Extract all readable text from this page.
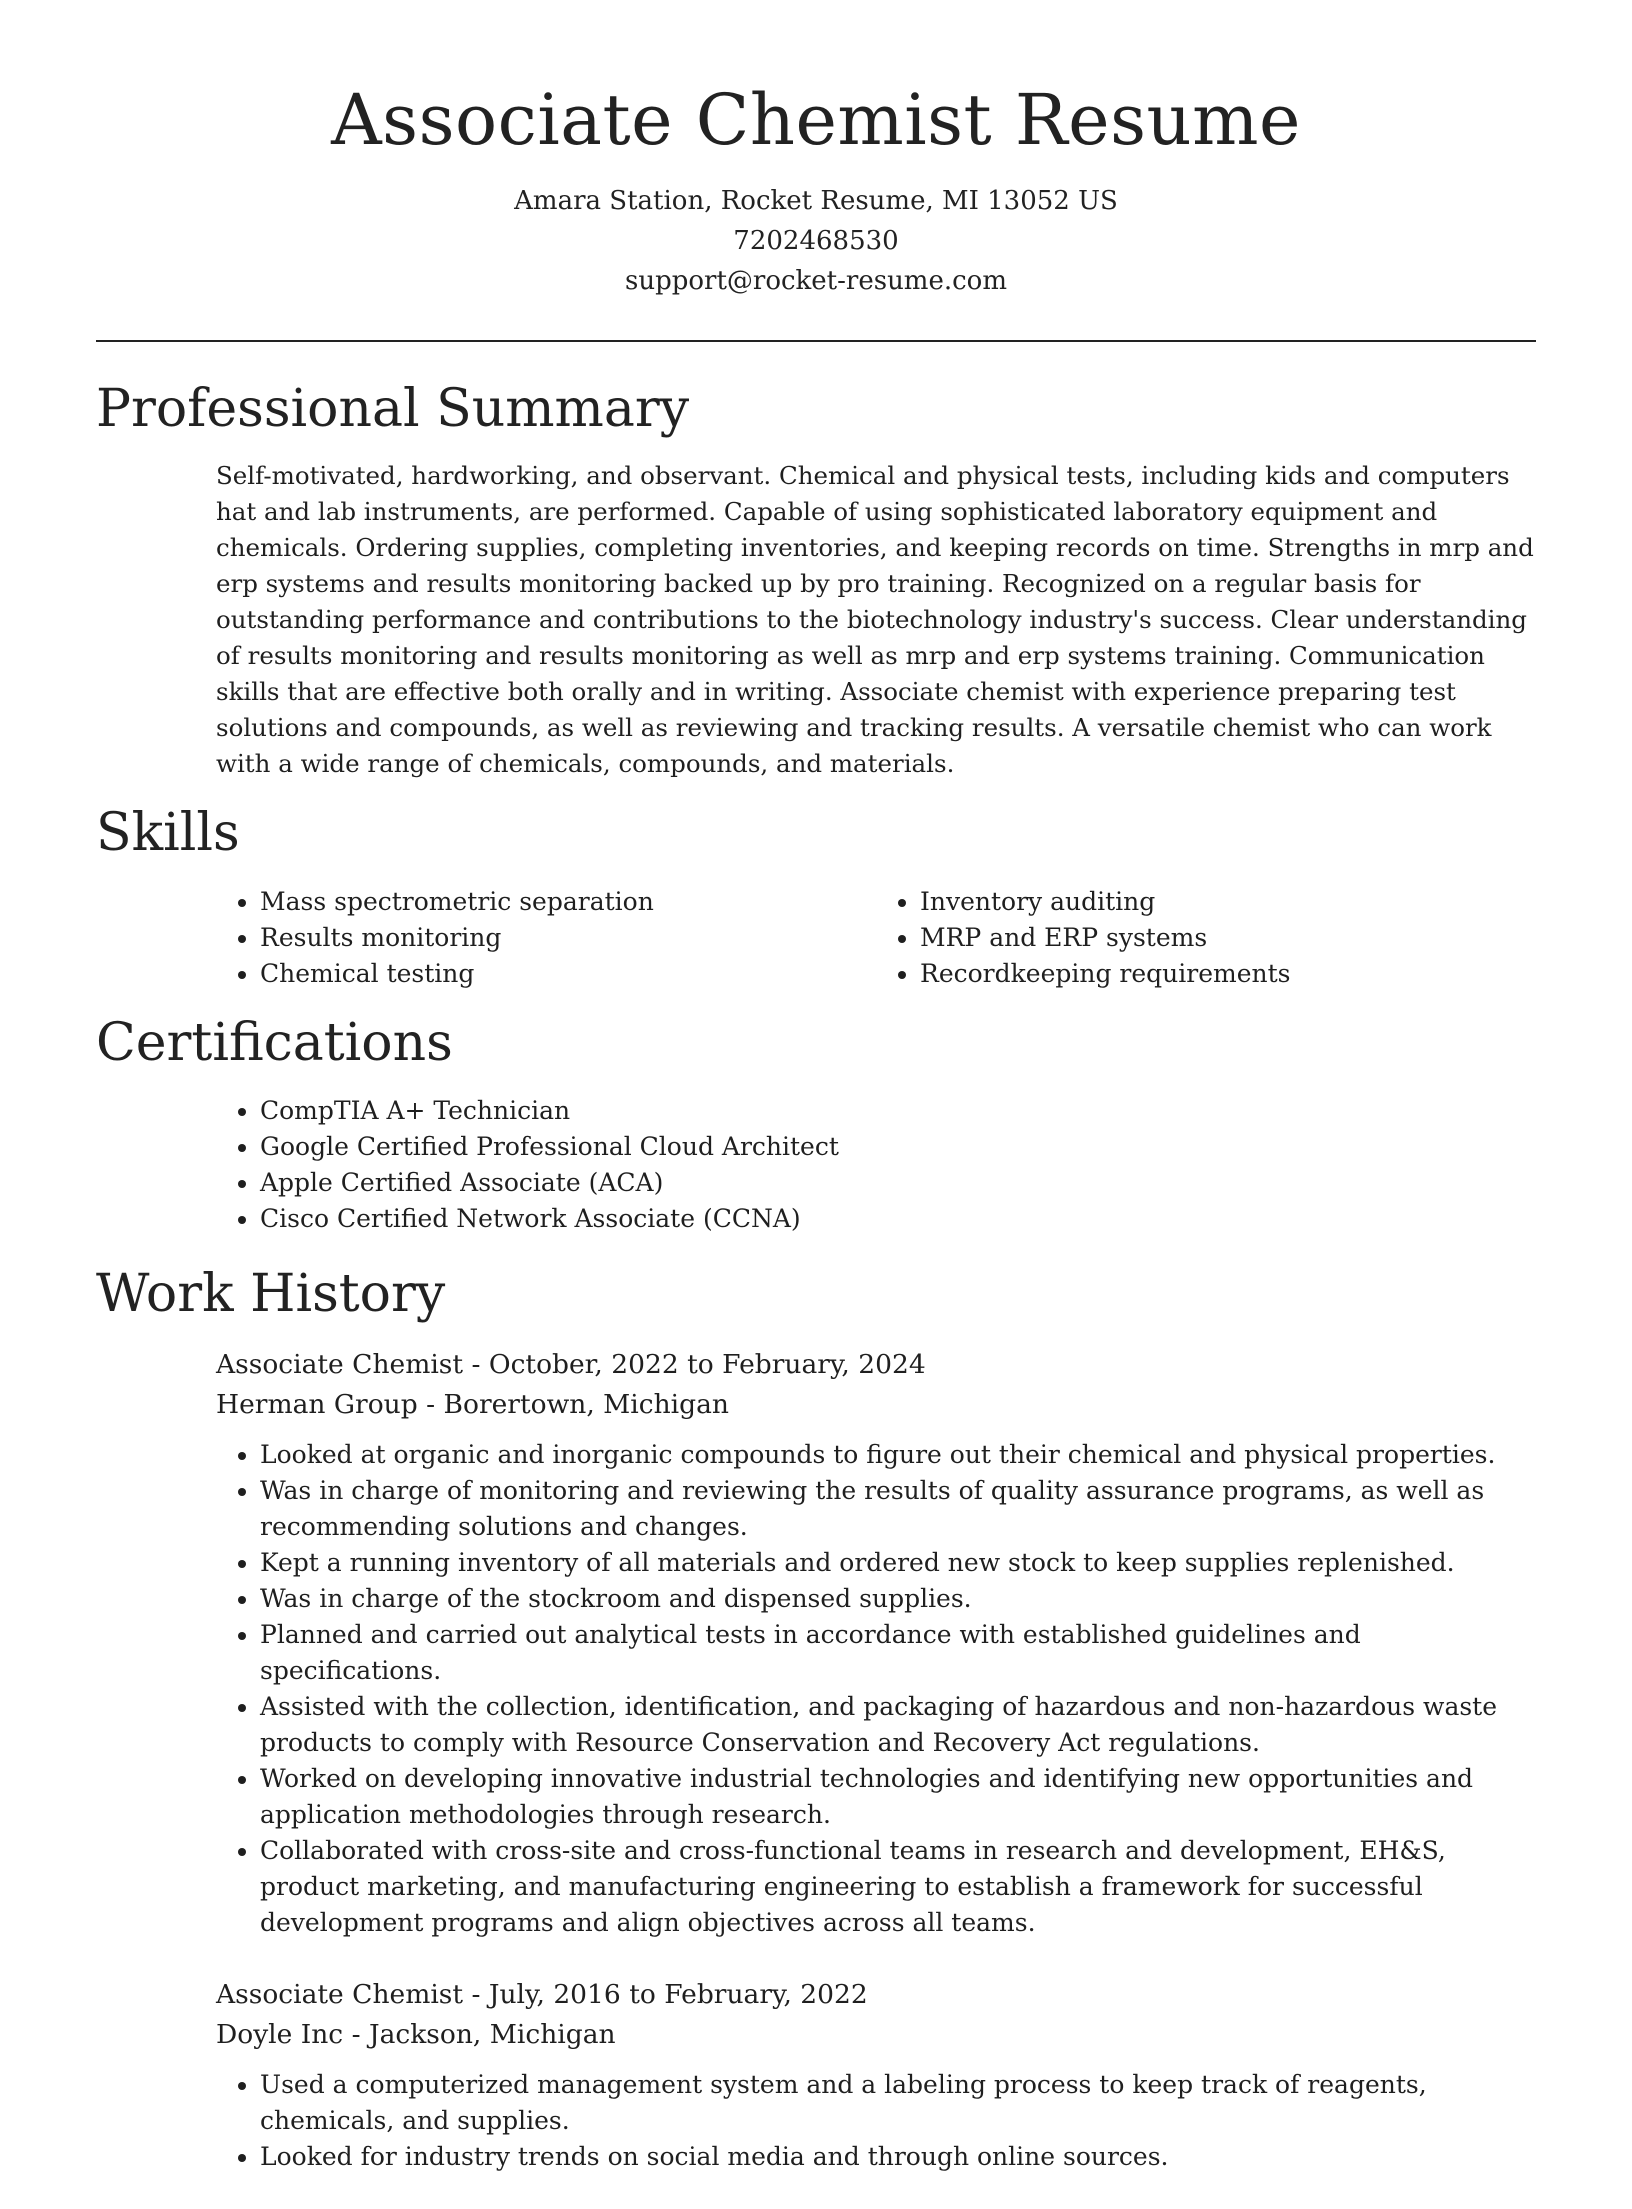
Associate Chemist Resume
Amara Station, Rocket Resume, MI 13052 US
7202468530
support@rocket-resume.com
Professional Summary

Self-motivated, hardworking, and observant. Chemical and physical tests, including kids and computers hat and lab instruments, are performed. Capable of using sophisticated laboratory equipment and chemicals. Ordering supplies, completing inventories, and keeping records on time. Strengths in mrp and erp systems and results monitoring backed up by pro training. Recognized on a regular basis for outstanding performance and contributions to the biotechnology industry's success. Clear understanding of results monitoring and results monitoring as well as mrp and erp systems training. Communication skills that are effective both orally and in writing. Associate chemist with experience preparing test solutions and compounds, as well as reviewing and tracking results. A versatile chemist who can work with a wide range of chemicals, compounds, and materials.

Skills
• Mass spectrometric separation
• Results monitoring
• Chemical testing
• Inventory auditing
• MRP and ERP systems
• Recordkeeping requirements
Certifications
• CompTIA A+ Technician
• Google Certified Professional Cloud Architect
• Apple Certified Associate (ACA)
• Cisco Certified Network Associate (CCNA)
Work History
Associate Chemist - October, 2022 to February, 2024
Herman Group - Borertown, Michigan
• Looked at organic and inorganic compounds to figure out their chemical and physical properties.
• Was in charge of monitoring and reviewing the results of quality assurance programs, as well as recommending solutions and changes.
• Kept a running inventory of all materials and ordered new stock to keep supplies replenished.
• Was in charge of the stockroom and dispensed supplies.
• Planned and carried out analytical tests in accordance with established guidelines and specifications.
• Assisted with the collection, identification, and packaging of hazardous and non-hazardous waste products to comply with Resource Conservation and Recovery Act regulations.
• Worked on developing innovative industrial technologies and identifying new opportunities and application methodologies through research.
• Collaborated with cross-site and cross-functional teams in research and development, EH&S, product marketing, and manufacturing engineering to establish a framework for successful development programs and align objectives across all teams.
Associate Chemist - July, 2016 to February, 2022
Doyle Inc - Jackson, Michigan
• Used a computerized management system and a labeling process to keep track of reagents, chemicals, and supplies.
• Looked for industry trends on social media and through online sources.
